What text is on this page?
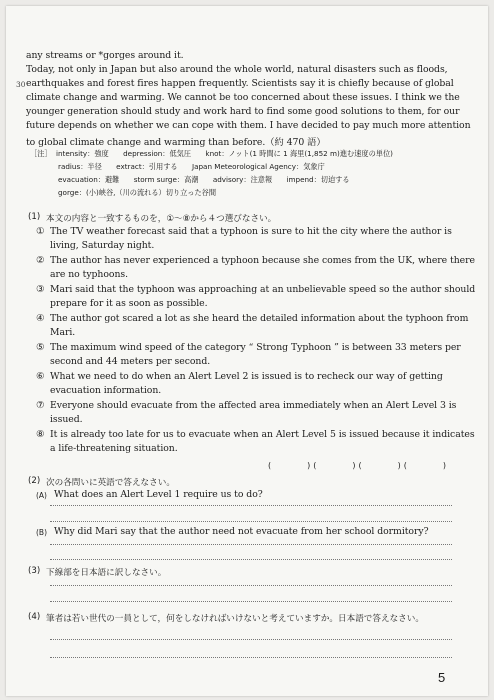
any streams or *gorges around it.
Today, not only in Japan but also around the whole world, natural disasters such as floods,
30 earthquakes and forest fires happen frequently. Scientists say it is chiefly because of global
climate change and warming. We cannot be too concerned about these issues. I think we the
younger generation should study and work hard to find some good solutions to them, for our
future depends on whether we can cope with them. I have decided to pay much more attention
to global climate change and warming than before.（約 470 語）
［注］ intensity：強度　　depression：低気圧　　knot：ノット(1 時間に 1 海里(1,852 m)進む速度の単位)
radius：半径　　extract：引用する　　Japan Meteorological Agency：気象庁
evacuation：避難　　storm surge：高潮　　advisory：注意報　　impend：切迫する
gorge：(小)峡谷,（川の流れる）切り立った谷間
(1) 本文の内容と一致するものを，①～⑧から４つ選びなさい。
① The TV weather forecast said that a typhoon is sure to hit the city where the author is
living, Saturday night.
② The author has never experienced a typhoon because she comes from the UK, where there
are no typhoons.
③ Mari said that the typhoon was approaching at an unbelievable speed so the author should
prepare for it as soon as possible.
④ The author got scared a lot as she heard the detailed information about the typhoon from
Mari.
⑤ The maximum wind speed of the category “ Strong Typhoon ” is between 33 meters per
second and 44 meters per second.
⑥ What we need to do when an Alert Level 2 is issued is to recheck our way of getting
evacuation information.
⑦ Everyone should evacuate from the affected area immediately when an Alert Level 3 is
issued.
⑧ It is already too late for us to evacuate when an Alert Level 5 is issued because it indicates
a life-threatening situation.
(　　　)(　　　)(　　　)(　　　)
(2) 次の各問いに英語で答えなさい。
(A) What does an Alert Level 1 require us to do?
(B) Why did Mari say that the author need not evacuate from her school dormitory?
(3) 下線部を日本語に訳しなさい。
(4) 筆者は若い世代の一員として，何をしなければいけないと考えていますか。日本語で答えなさい。
5
